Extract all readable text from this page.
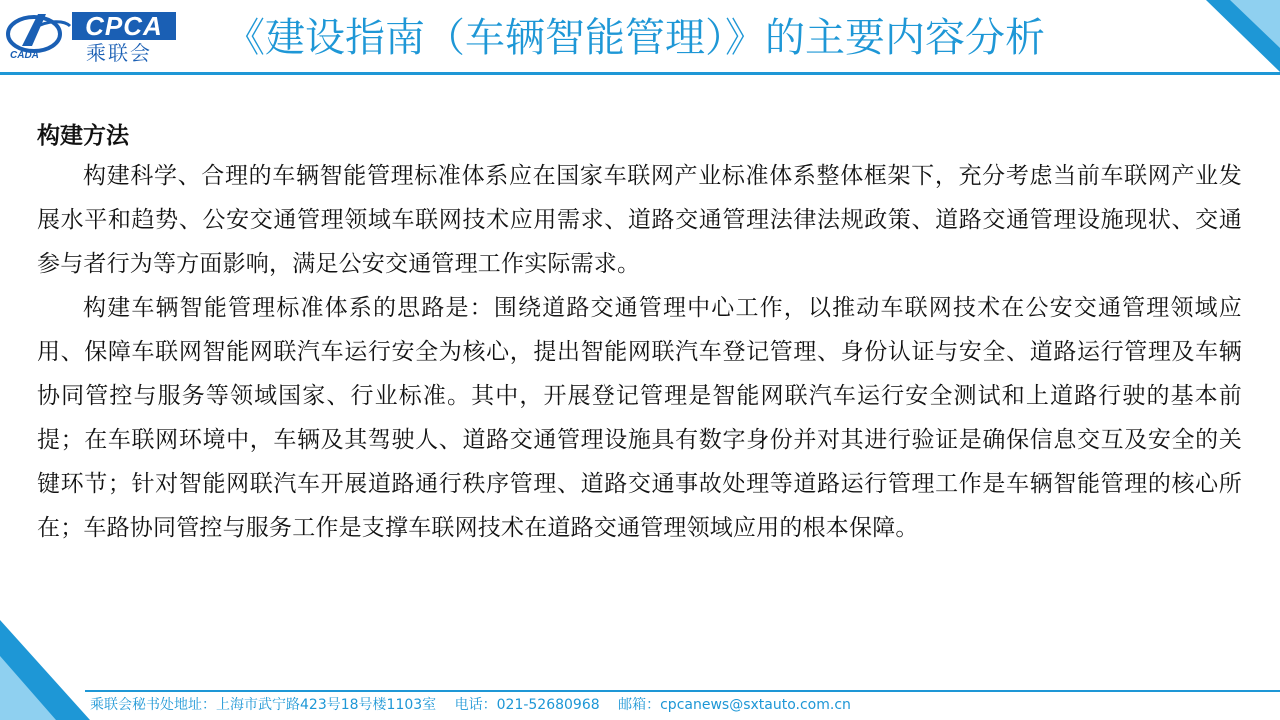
CPCA
乘联会
CADA	《建设指南（车辆智能管理）》的主要内容分析

构建方法

构建科学、合理的车辆智能管理标准体系应在国家车联网产业标准体系整体框架下，充分考虑当前车联网产业发展水平和趋势、公安交通管理领域车联网技术应用需求、道路交通管理法律法规政策、道路交通管理设施现状、交通参与者行为等方面影响，满足公安交通管理工作实际需求。

构建车辆智能管理标准体系的思路是：围绕道路交通管理中心工作，以推动车联网技术在公安交通管理领域应用、保障车联网智能网联汽车运行安全为核心，提出智能网联汽车登记管理、身份认证与安全、道路运行管理及车辆协同管控与服务等领域国家、行业标准。其中，开展登记管理是智能网联汽车运行安全测试和上道路行驶的基本前提；在车联网环境中，车辆及其驾驶人、道路交通管理设施具有数字身份并对其进行验证是确保信息交互及安全的关键环节；针对智能网联汽车开展道路通行秩序管理、道路交通事故处理等道路运行管理工作是车辆智能管理的核心所在；车路协同管控与服务工作是支撑车联网技术在道路交通管理领域应用的根本保障。

乘联会秘书处地址：上海市武宁路423号18号楼1103室 电话：021-52680968 邮箱：cpcanews@sxtauto.com.cn
